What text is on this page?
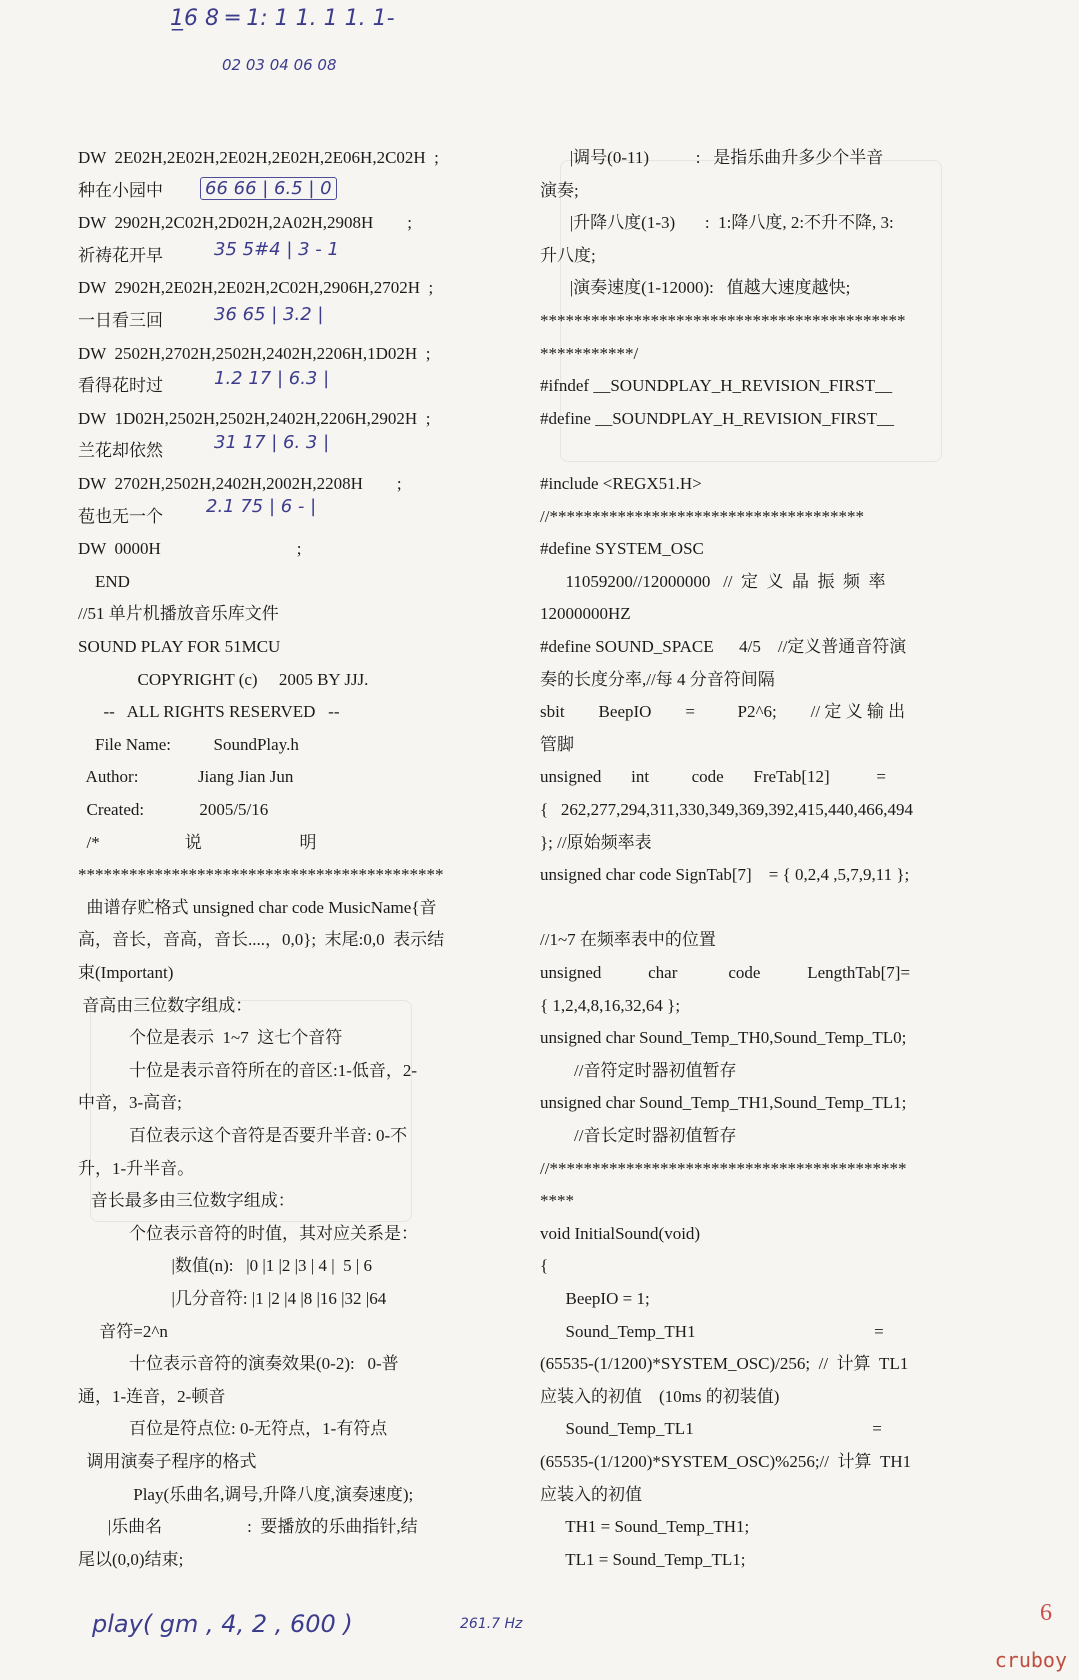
1̲6 8 ═ 1: 1 1. 1 1. 1-
02 03 04 06 08
66 66 | 6.5 | 0
35 5#4 | 3 - 1
36 65 | 3.2 |
1.2 17 | 6.3 |
31 17 | 6. 3 |
2.1 75 | 6 - |
DW  2E02H,2E02H,2E02H,2E02H,2E06H,2C02H  ;
种在小园中
DW  2902H,2C02H,2D02H,2A02H,2908H        ;
祈祷花开早
DW  2902H,2E02H,2E02H,2C02H,2906H,2702H  ;
一日看三回
DW  2502H,2702H,2502H,2402H,2206H,1D02H  ;
看得花时过
DW  1D02H,2502H,2502H,2402H,2206H,2902H  ;
兰花却依然
DW  2702H,2502H,2402H,2002H,2208H        ;
苞也无一个
DW  0000H                                ;
END
//51 单片机播放音乐库文件
SOUND PLAY FOR 51MCU
COPYRIGHT (c)     2005 BY JJJ.
--   ALL RIGHTS RESERVED   --
File Name:          SoundPlay.h
Author:              Jiang Jian Jun
Created:             2005/5/16
/*                    说                       明
*******************************************
曲谱存贮格式 unsigned char code MusicName{音
高，音长，音高，音长....，0,0};  末尾:0,0  表示结
束(Important)
音高由三位数字组成：
个位是表示  1~7  这七个音符
十位是表示音符所在的音区:1-低音，2-
中音，3-高音;
百位表示这个音符是否要升半音: 0-不
升，1-升半音。
音长最多由三位数字组成：
个位表示音符的时值，其对应关系是：
|数值(n):   |0 |1 |2 |3 | 4 |  5 | 6
|几分音符: |1 |2 |4 |8 |16 |32 |64
音符=2^n
十位表示音符的演奏效果(0-2):   0-普
通，1-连音，2-顿音
百位是符点位: 0-无符点，1-有符点
调用演奏子程序的格式
Play(乐曲名,调号,升降八度,演奏速度);
|乐曲名                    :  要播放的乐曲指针,结
尾以(0,0)结束;
|调号(0-11)           :   是指乐曲升多少个半音
演奏;
|升降八度(1-3)       :  1:降八度, 2:不升不降, 3:
升八度;
|演奏速度(1-12000):   值越大速度越快;
*******************************************
***********/
#ifndef __SOUNDPLAY_H_REVISION_FIRST__
#define __SOUNDPLAY_H_REVISION_FIRST__
#include <REGX51.H>
//*************************************
#define SYSTEM_OSC
11059200//12000000   //  定  义  晶  振  频  率
12000000HZ
#define SOUND_SPACE      4/5    //定义普通音符演
奏的长度分率,//每 4 分音符间隔
sbit        BeepIO        =          P2^6;        // 定 义 输 出
管脚
unsigned       int          code       FreTab[12]           =
{   262,277,294,311,330,349,369,392,415,440,466,494
}; //原始频率表
unsigned char code SignTab[7]    = { 0,2,4 ,5,7,9,11 };
//1~7 在频率表中的位置
unsigned           char            code           LengthTab[7]=
{ 1,2,4,8,16,32,64 };
unsigned char Sound_Temp_TH0,Sound_Temp_TL0;
//音符定时器初值暂存
unsigned char Sound_Temp_TH1,Sound_Temp_TL1;
//音长定时器初值暂存
//******************************************
****
void InitialSound(void)
{
BeepIO = 1;
Sound_Temp_TH1                                          =
(65535-(1/1200)*SYSTEM_OSC)/256;  //  计算  TL1
应装入的初值    (10ms 的初装值)
Sound_Temp_TL1                                          =
(65535-(1/1200)*SYSTEM_OSC)%256;//  计算  TH1
应装入的初值
TH1 = Sound_Temp_TH1;
TL1 = Sound_Temp_TL1;
play( gm , 4, 2 , 600 )	261.7 Hz	6
cruboy
